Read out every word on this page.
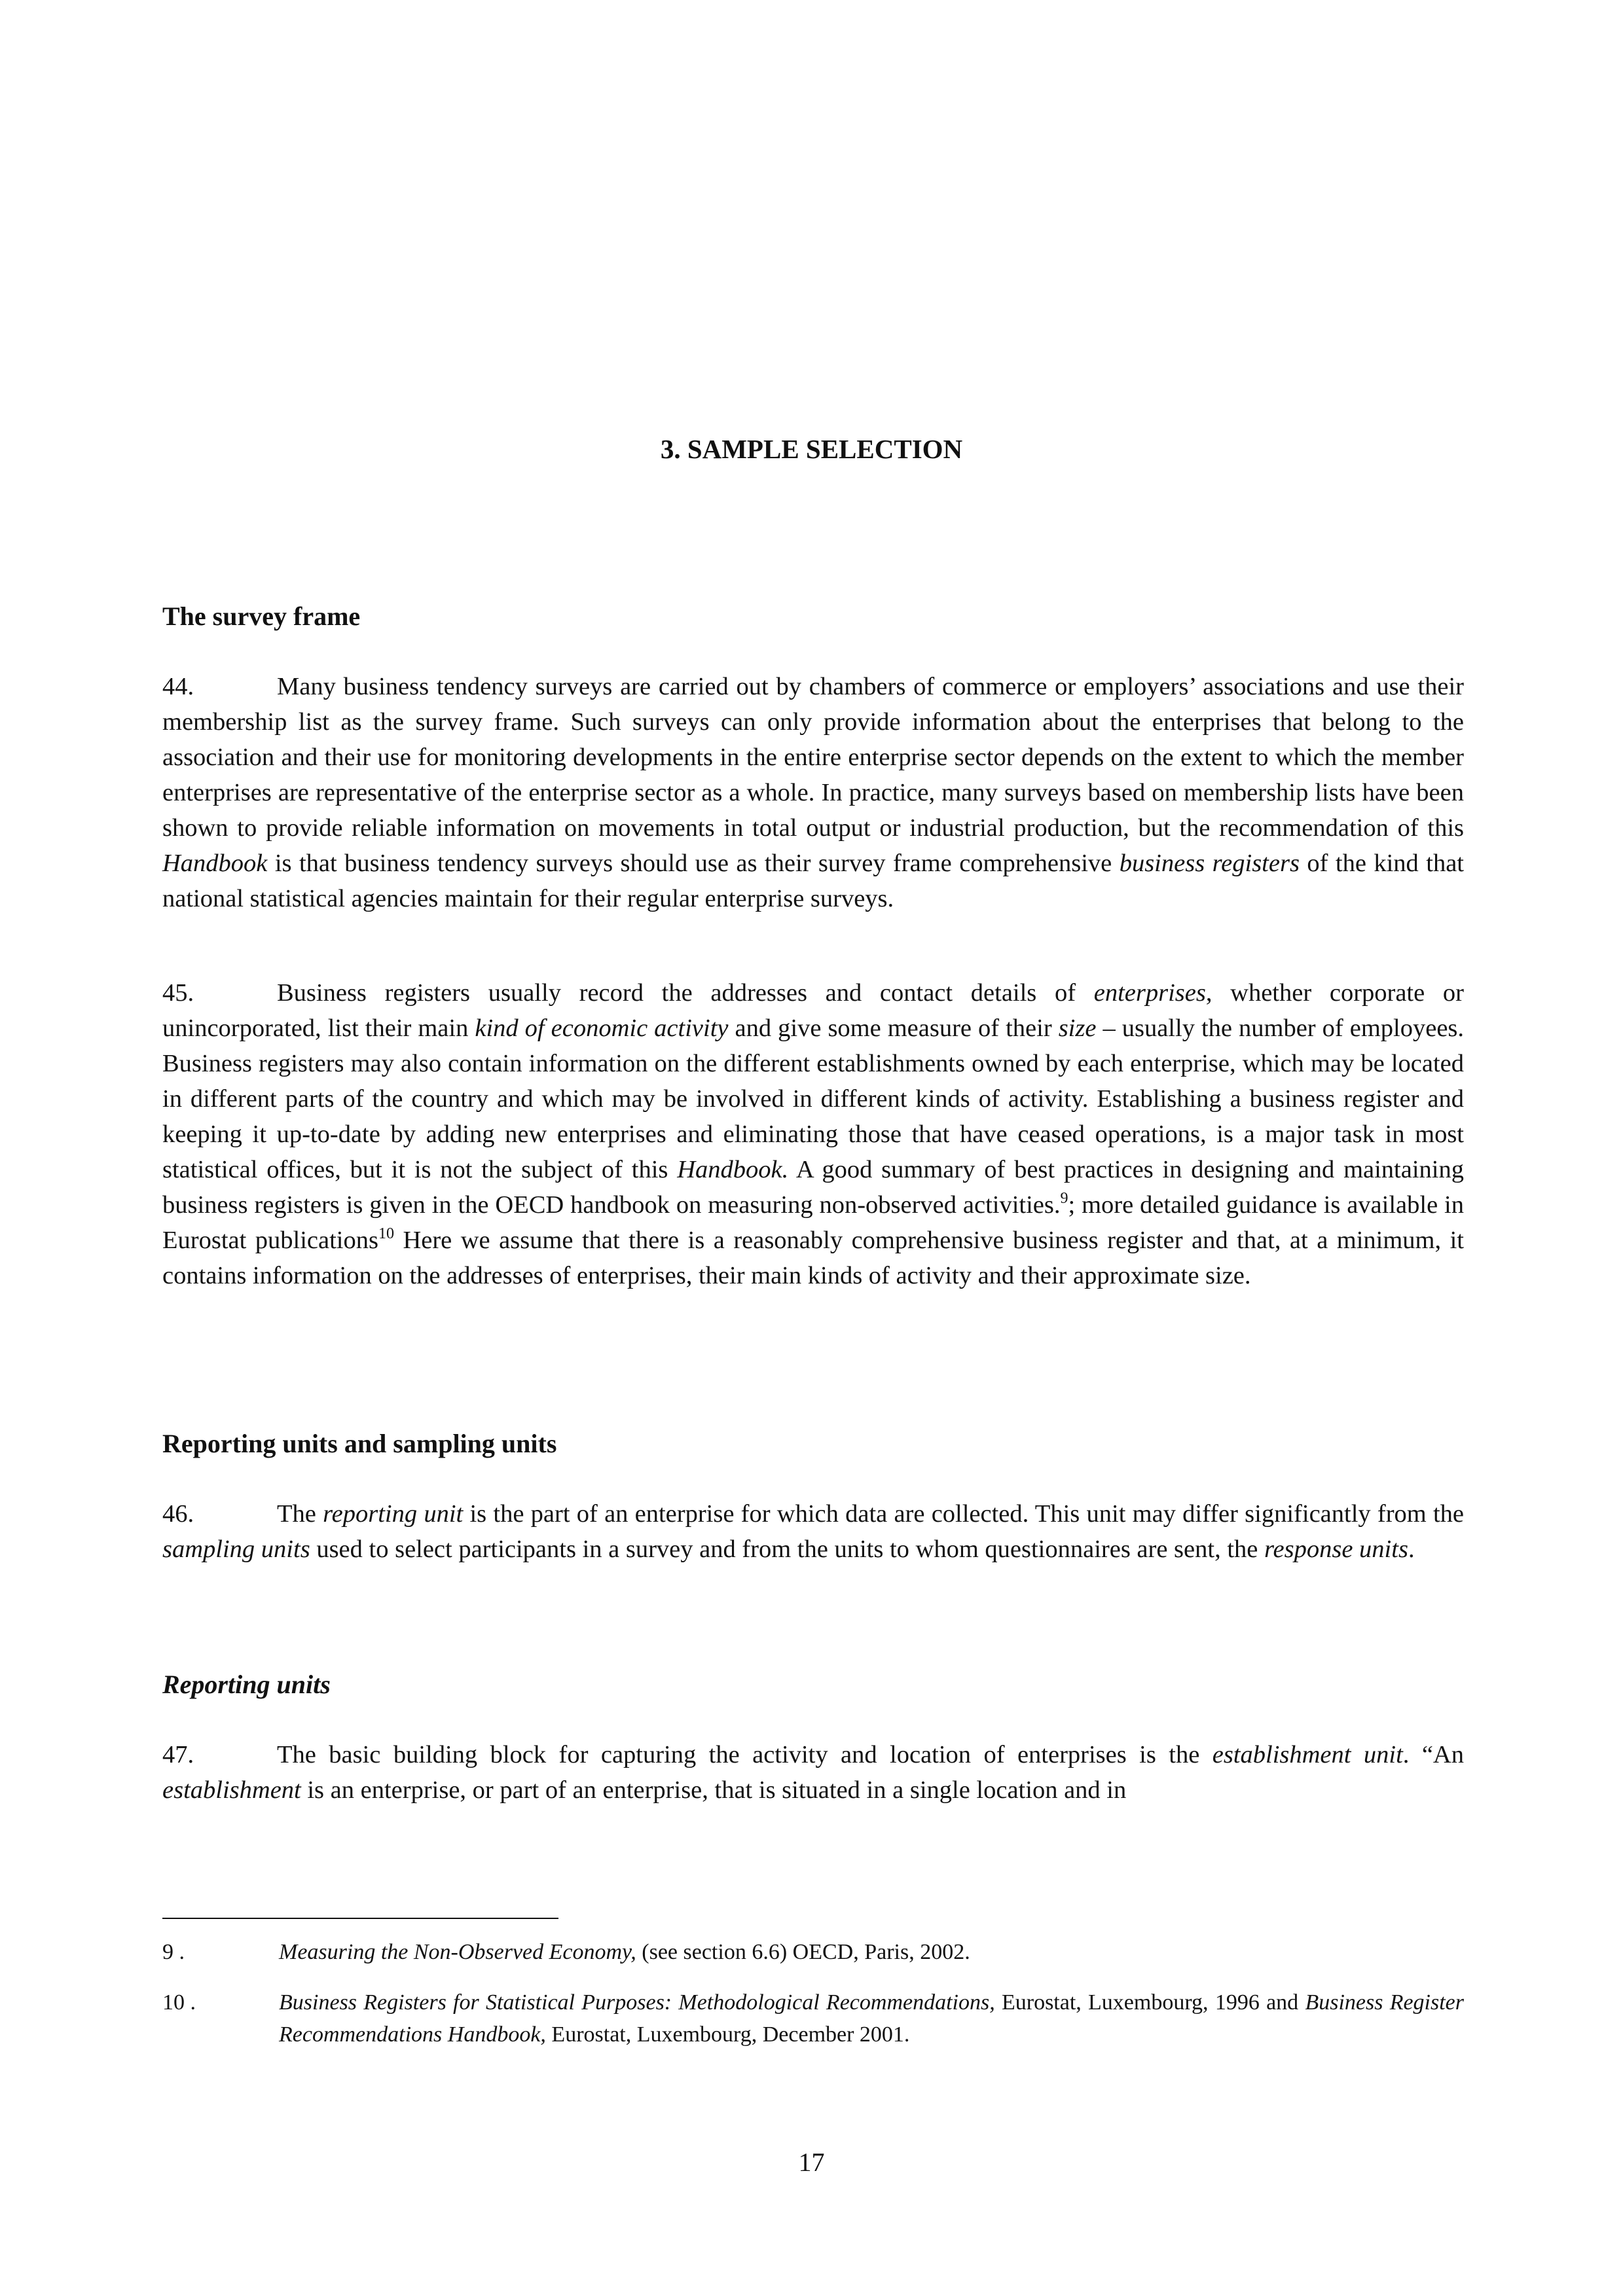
3. SAMPLE SELECTION
The survey frame

44.	Many business tendency surveys are carried out by chambers of commerce or employers’ associations and use their membership list as the survey frame. Such surveys can only provide information about the enterprises that belong to the association and their use for monitoring developments in the entire enterprise sector depends on the extent to which the member enterprises are representative of the enterprise sector as a whole. In practice, many surveys based on membership lists have been shown to provide reliable information on movements in total output or industrial production, but the recommendation of this Handbook is that business tendency surveys should use as their survey frame comprehensive business registers of the kind that national statistical agencies maintain for their regular enterprise surveys.

45.	Business registers usually record the addresses and contact details of enterprises, whether corporate or unincorporated, list their main kind of economic activity and give some measure of their size – usually the number of employees. Business registers may also contain information on the different establishments owned by each enterprise, which may be located in different parts of the country and which may be involved in different kinds of activity. Establishing a business register and keeping it up-to-date by adding new enterprises and eliminating those that have ceased operations, is a major task in most statistical offices, but it is not the subject of this Handbook. A good summary of best practices in designing and maintaining business registers is given in the OECD handbook on measuring non-observed activities.$^9$; more detailed guidance is available in Eurostat publications$^{10}$ Here we assume that there is a reasonably comprehensive business register and that, at a minimum, it contains information on the addresses of enterprises, their main kinds of activity and their approximate size.

Reporting units and sampling units

46.	The reporting unit is the part of an enterprise for which data are collected. This unit may differ significantly from the sampling units used to select participants in a survey and from the units to whom questionnaires are sent, the response units.

Reporting units

47.	The basic building block for capturing the activity and location of enterprises is the establishment unit. “An establishment is an enterprise, or part of an enterprise, that is situated in a single location and in

9 .	Measuring the Non-Observed Economy, (see section 6.6) OECD, Paris, 2002.
10 .	Business Registers for Statistical Purposes: Methodological Recommendations, Eurostat, Luxembourg, 1996 and Business Register Recommendations Handbook, Eurostat, Luxembourg, December 2001.
17
